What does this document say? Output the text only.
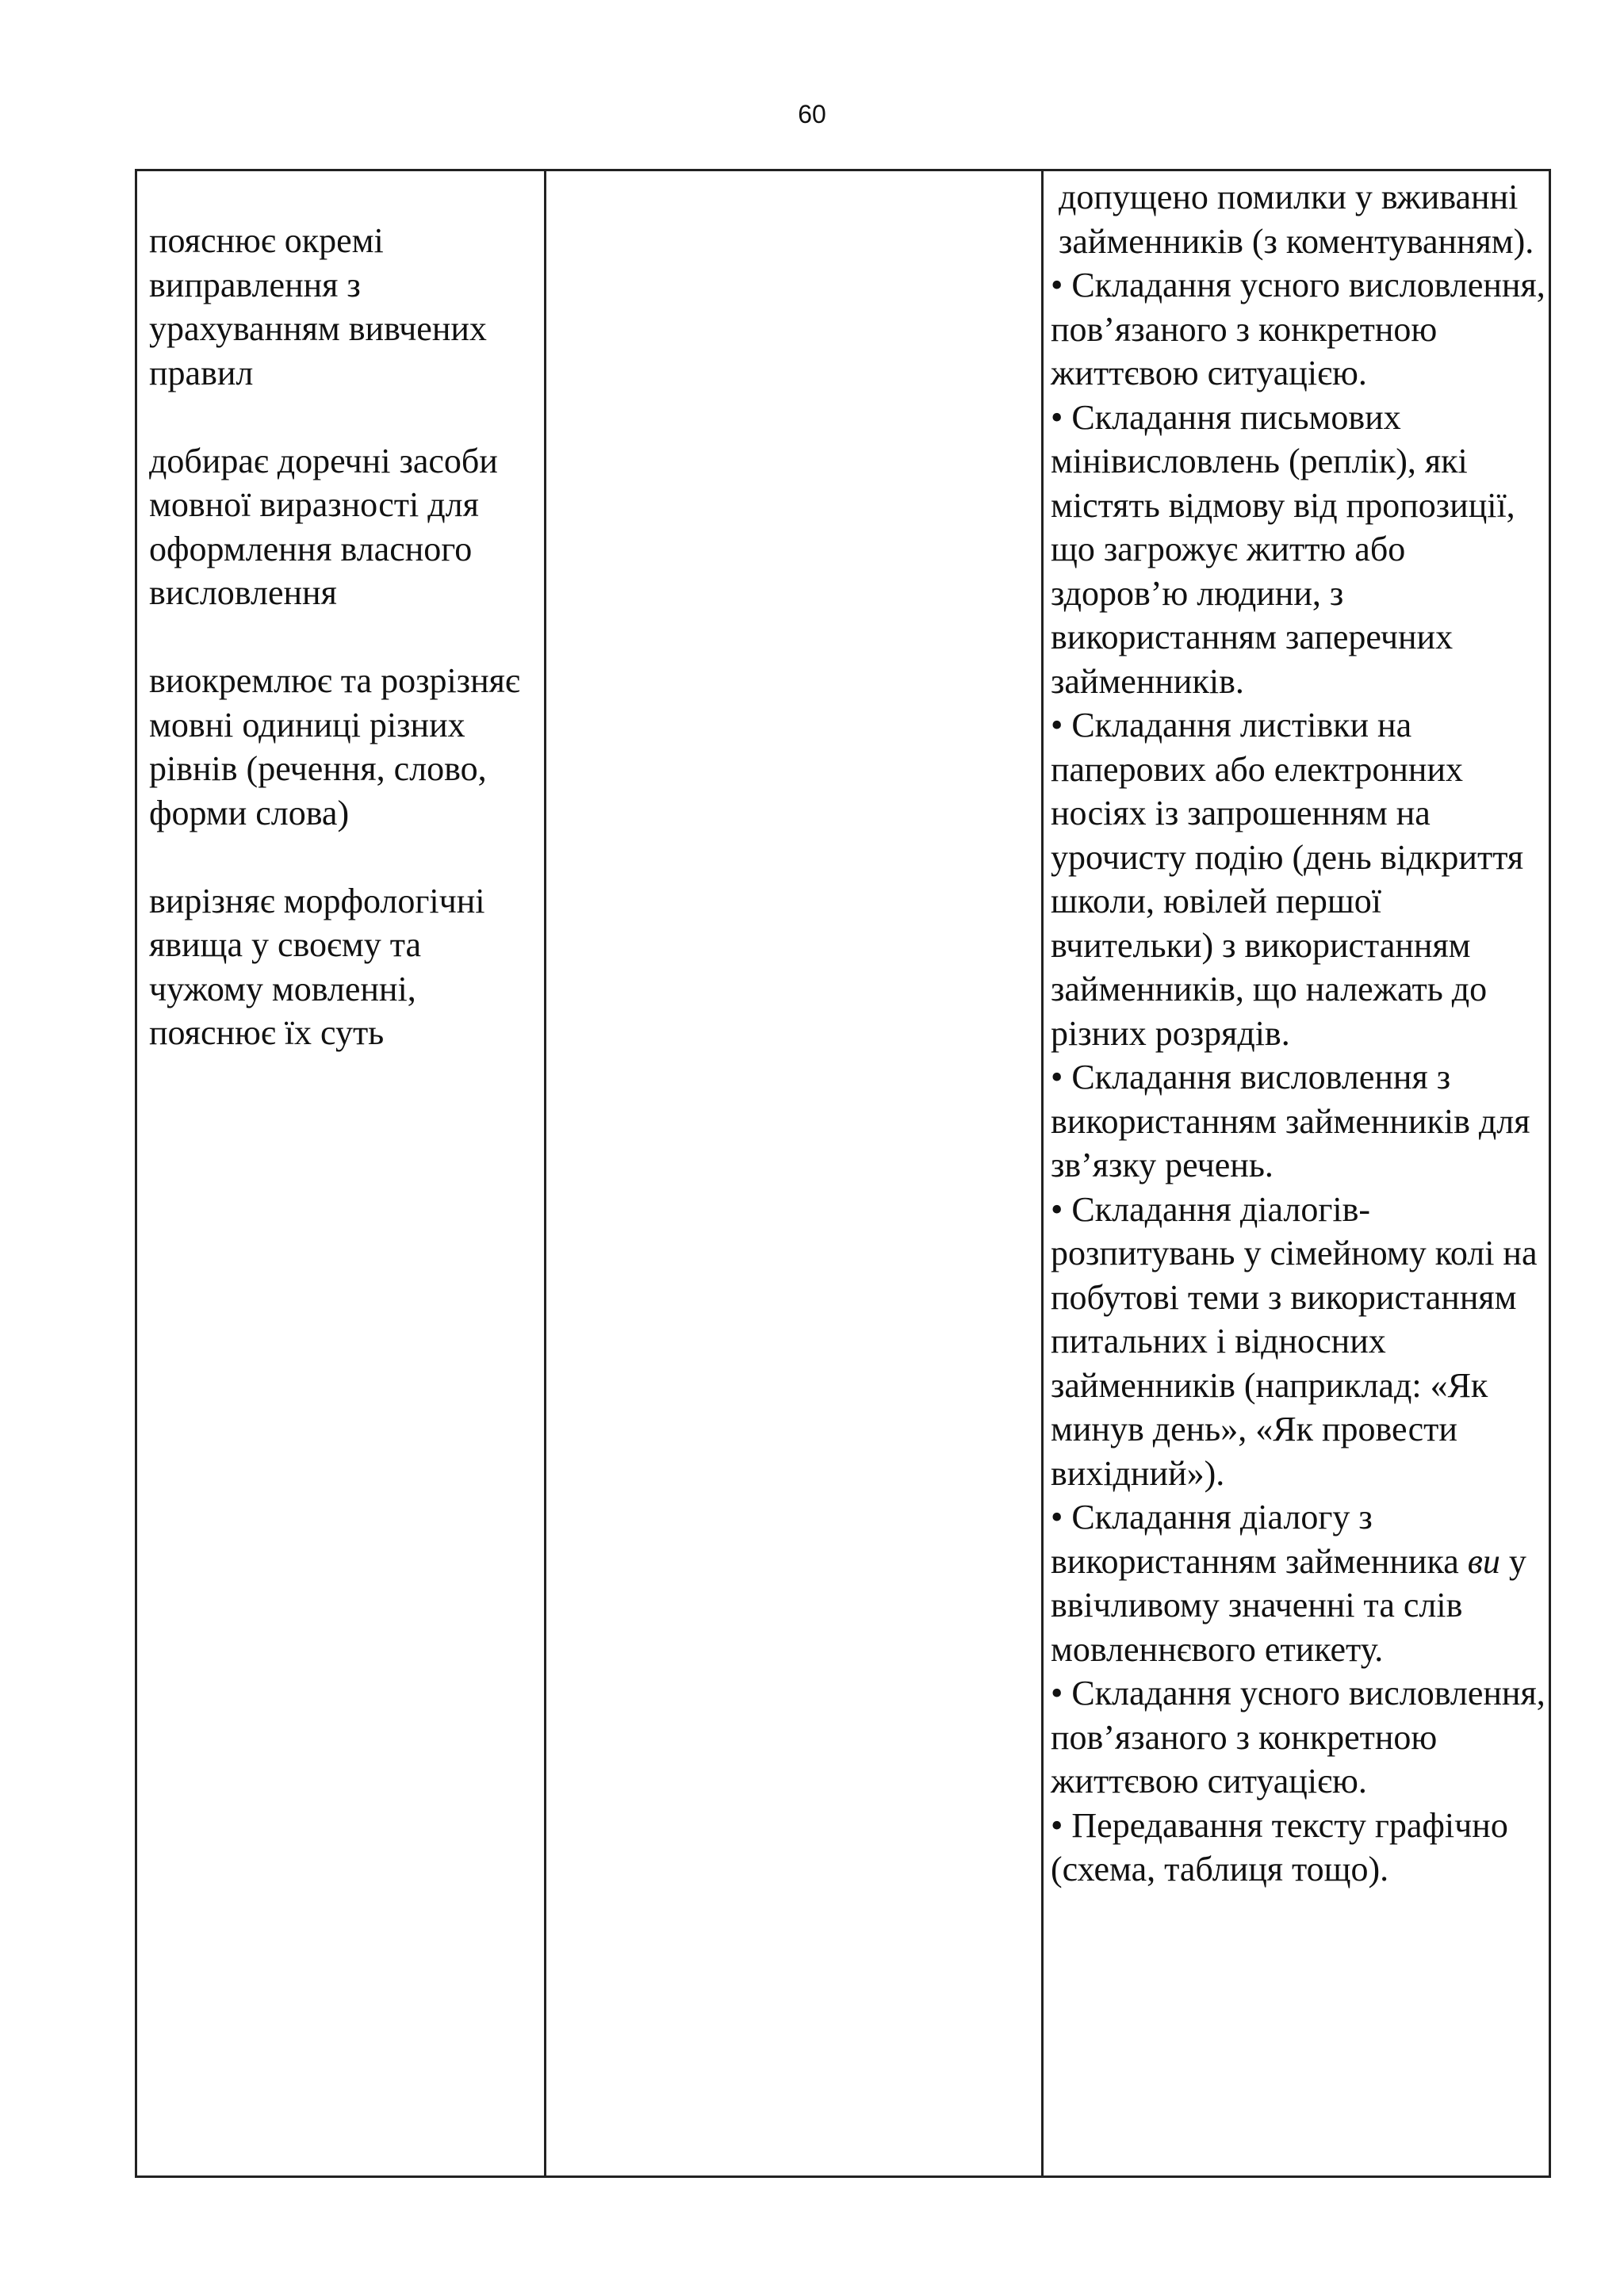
60

пояснює окремі виправлення з урахуванням вивчених правил

добирає доречні засоби мовної виразності для оформлення власного висловлення

виокремлює та розрізняє мовні одиниці різних рівнів (речення, слово, форми слова)

вирізняє морфологічні явища у своєму та чужому мовленні, пояснює їх суть

допущено помилки у вживанні займенників (з коментуванням).

• Складання усного висловлення, пов’язаного з конкретною життєвою ситуацією.

• Складання письмових мінівисловлень (реплік), які містять відмову від пропозиції, що загрожує життю або здоров’ю людини, з використанням заперечних займенників.

• Складання листівки на паперових або електронних носіях із запрошенням на урочисту подію (день відкриття школи, ювілей першої вчительки) з використанням займенників, що належать до різних розрядів.

• Складання висловлення з використанням займенників для зв’язку речень.

• Складання діалогів-розпитувань у сімейному колі на побутові теми з використанням питальних і відносних займенників (наприклад: «Як минув день», «Як провести вихідний»).

• Складання діалогу з використанням займенника ви у ввічливому значенні та слів мовленнєвого етикету.

• Складання усного висловлення, пов’язаного з конкретною життєвою ситуацією.

• Передавання тексту графічно (схема, таблиця тощо).
